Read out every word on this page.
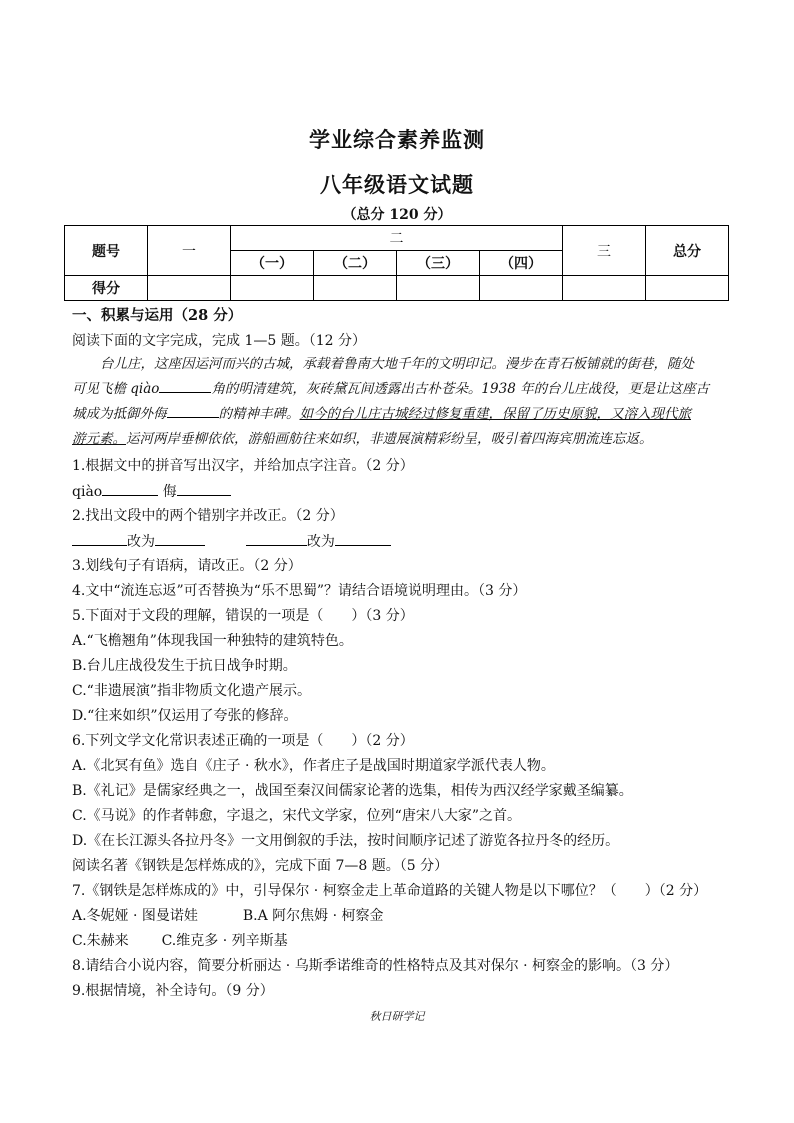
学业综合素养监测
八年级语文试题
（总分 120 分）
题号	一	二				三	总分
		（一）	（二）	（三）	（四）		
得分							
一、积累与运用（28 分）
阅读下面的文字完成，完成 1—5 题。（12 分）

台儿庄，这座因运河而兴的古城，承载着鲁南大地千年的文明印记。漫步在青石板铺就的街巷，随处

可见飞檐 qiào	角的明清建筑，灰砖黛瓦间透露出古朴苍朵。1938 年的台儿庄战役，更是让这座古

城成为抵御外侮	的精神丰碑。如今的台儿庄古城经过修复重建，保留了历史原貌，又溶入现代旅

游元素。运河两岸垂柳依依，游船画舫往来如织，非遗展演精彩纷呈，吸引着四海宾朋流连忘返。

1.根据文中的拼音写出汉字，并给加点字注音。（2 分）
qiào	侮
2.找出文段中的两个错别字并改正。（2 分）
改为	改为
3.划线句子有语病，请改正。（2 分）
4.文中“流连忘返”可否替换为“乐不思蜀”？请结合语境说明理由。（3 分）
5.下面对于文段的理解，错误的一项是（　　）（3 分）
A.“飞檐翘角”体现我国一种独特的建筑特色。
B.台儿庄战役发生于抗日战争时期。
C.“非遗展演”指非物质文化遗产展示。
D.“往来如织”仅运用了夸张的修辞。
6.下列文学文化常识表述正确的一项是（　　）（2 分）
A.《北冥有鱼》选自《庄子 · 秋水》，作者庄子是战国时期道家学派代表人物。
B.《礼记》是儒家经典之一，战国至秦汉间儒家论著的选集，相传为西汉经学家戴圣编纂。
C.《马说》的作者韩愈，字退之，宋代文学家，位列“唐宋八大家”之首。
D.《在长江源头各拉丹冬》一文用倒叙的手法，按时间顺序记述了游览各拉丹冬的经历。
阅读名著《钢铁是怎样炼成的》，完成下面 7—8 题。（5 分）
7.《钢铁是怎样炼成的》中，引导保尔 · 柯察金走上革命道路的关键人物是以下哪位？（　　）（2 分）
A.冬妮娅 · 图曼诺娃	B.A 阿尔焦姆 · 柯察金
C.朱赫来 C.维克多 · 列辛斯基
8.请结合小说内容，简要分析丽达 · 乌斯季诺维奇的性格特点及其对保尔 · 柯察金的影响。（3 分）
9.根据情境，补全诗句。（9 分）
秋日研学记
